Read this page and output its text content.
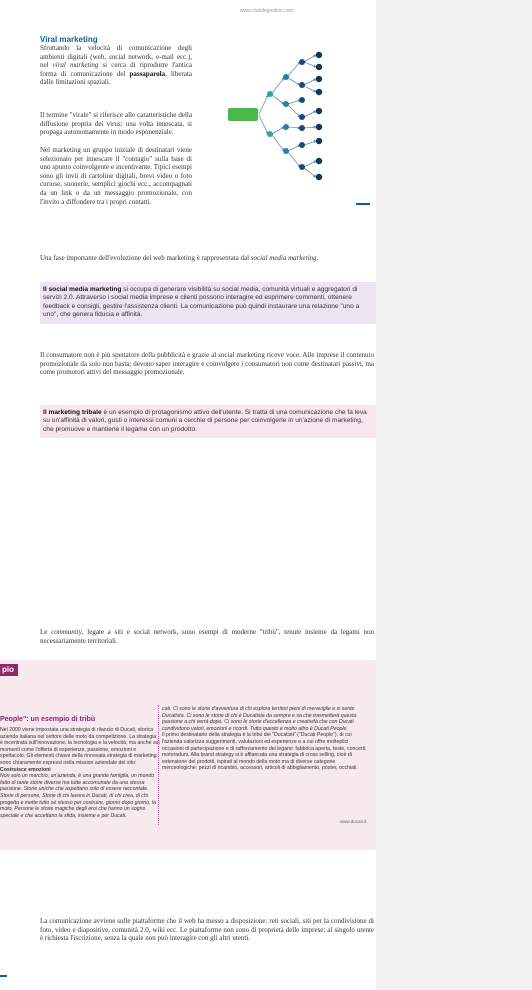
www.clubdegestion.com
Viral marketing

Sfruttando la velocità di comunicazione degli ambienti digitali (web, social network, e-mail ecc.), nel viral marketing si cerca di riprodurre l'antica forma di comunicazione del passaparola, liberata dalle limitazioni spaziali.

Il termine "virale" si riferisce alle caratteristiche della diffusione propria dei virus: una volta innescata, si propaga autonomamente in modo esponenziale.

Nel marketing un gruppo iniziale di destinatari viene selezionato per innescare il "contagio" sulla base di uno spunto coinvolgente e incentivante. Tipici esempi sono gli invii di cartoline digitali, brevi video o foto curiose, suonerie, semplici giochi ecc., accompagnati da un link o da un messaggio promozionale, con l'invito a diffondere tra i propri contatti.

Una fase importante dell'evoluzione del web marketing è rappresentata dal social media marketing.

Il social media marketing si occupa di generare visibilità su social media, comunità virtuali e aggregatori di servizi 2.0. Attraverso i social media imprese e clienti possono interagire ed esprimere commenti, ottenere feedback e consigli, gestire l'assistenza clienti. La comunicazione può quindi instaurare una relazione "uno a uno", che genera fiducia e affinità.

Il consumatore non è più spettatore della pubblicità e grazie al social marketing riceve voce. Alle imprese il contenuto promozionale da solo non basta; devono saper interagire e coinvolgere i consumatori non come destinatari passivi, ma come promotori attivi del messaggio promozionale.

Il marketing tribale è un esempio di protagonismo attivo dell'utente. Si tratta di una comunicazione che fa leva su un'affinità di valori, gusti o interessi comuni a cerchie di persone per coinvolgerle in un'azione di marketing, che promuove e mantiene il legame con un prodotto.

Le community, legate a siti e social network, sono esempi di moderne "tribù", tenute insieme da legami non necessariamente territoriali.

pio
People": un esempio di tribù
Nel 2000 viene impostata una strategia di rilancio di Ducati, storica azienda italiana nel settore delle moto da competizione. La strategia è incentrata sull'innovazione, la tecnologia e la velocità, ma anche sui momenti come l'offerta di esperienze, passione, emozioni e spettacolo. Gli elementi chiave della rinnovata strategia di marketing sono chiaramente espressi nella mission aziendale del sito:
Costruisce emozioni
Non solo un marchio, un'azienda, è una grande famiglia, un mondo fatto di tante storie diverse ma tutte accomunate da una stessa passione. Storie uniche che aspettano solo di essere raccontate. Storie di persone, Storie di chi lavora in Ducati, di chi crea, di chi progetta e mette tutto sé stesso per costruire, giorno dopo giorno, la moto. Persone le storie magiche degli eroi che hanno un sogno speciale e che accettano la sfida, insieme e per Ducati.
cati. Ci sono le storie d'avventura di chi esplora territori pieni di meraviglie e si sente Ducatista. Ci sono le storie di chi è Ducatista da sempre e sa che trasmetterà questa passione a chi verrà dopo. Ci sono le storie d'eccellenza e creatività che con Ducati condividono valori, emozioni e ricordi. Tutto questo e molto altro è Ducati People.
Il primo destinatario della strategia è la tribù dei "Ducatisti" ("Ducati People"), di cui l'azienda valorizza suggerimenti, valutazioni ed esperienze e a cui offre molteplici occasioni di partecipazione e di rafforzamento dei legami: fabbrica aperta, feste, concerti, motoraduni. Alla brand strategy si è affiancata una strategia di cross selling, cioè di estensione dei prodotti, ispirati al mondo della moto ma di diverse categorie merceologiche: pezzi di ricambio, accessori, articoli di abbigliamento, poster, occhiali.
www.ducati.it

La comunicazione avviene sulle piattaforme che il web ha messo a disposizione: reti sociali, siti per la condivisione di foto, video e diapositive, comunità 2.0, wiki ecc. Le piattaforme non sono di proprietà delle imprese; al singolo utente è richiesta l'iscrizione, senza la quale non può interagire con gli altri utenti.
